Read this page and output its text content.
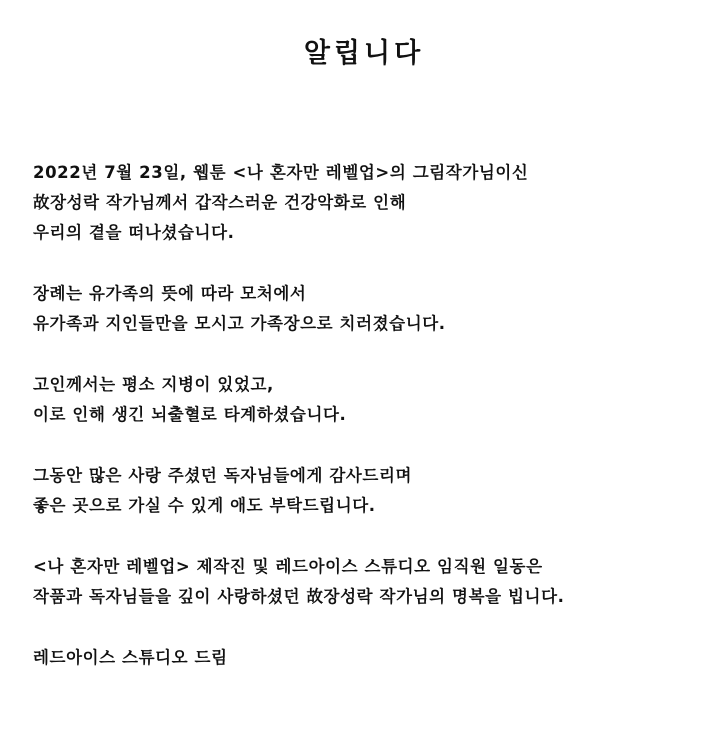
알립니다
2022년 7월 23일, 웹툰 <나 혼자만 레벨업>의 그림작가님이신
故장성락 작가님께서 갑작스러운 건강악화로 인해
우리의 곁을 떠나셨습니다.
장례는 유가족의 뜻에 따라 모처에서
유가족과 지인들만을 모시고 가족장으로 치러졌습니다.
고인께서는 평소 지병이 있었고,
이로 인해 생긴 뇌출혈로 타계하셨습니다.
그동안 많은 사랑 주셨던 독자님들에게 감사드리며
좋은 곳으로 가실 수 있게 애도 부탁드립니다.
<나 혼자만 레벨업> 제작진 및 레드아이스 스튜디오 임직원 일동은
작품과 독자님들을 깊이 사랑하셨던 故장성락 작가님의 명복을 빕니다.
레드아이스 스튜디오 드림
